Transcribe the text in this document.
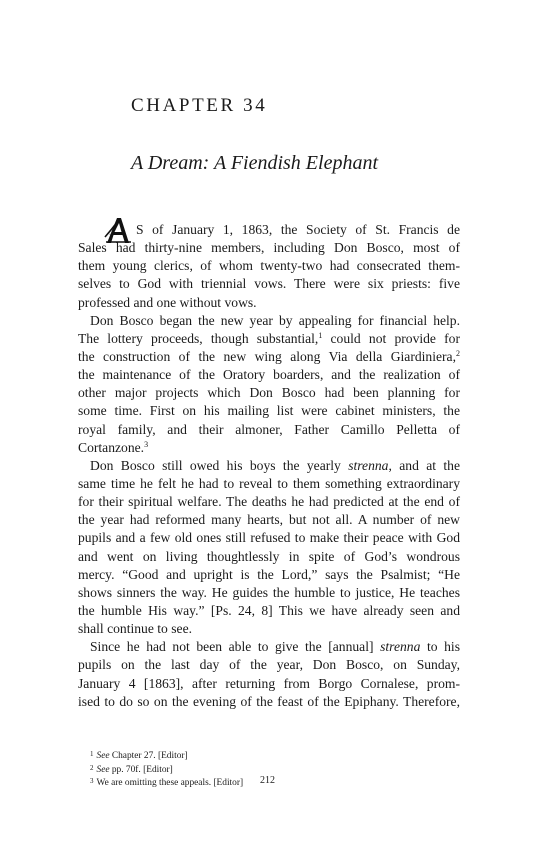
CHAPTER 34
A Dream: A Fiendish Elephant
A	S of January 1, 1863, the Society of St. Francis de
Sales had thirty-nine members, including Don Bosco, most of
them young clerics, of whom twenty-two had consecrated them-
selves to God with triennial vows. There were six priests: five
professed and one without vows.
Don Bosco began the new year by appealing for financial help.
The lottery proceeds, though substantial,$^1$ could not provide for
the construction of the new wing along Via della Giardiniera,$^2$
the maintenance of the Oratory boarders, and the realization of
other major projects which Don Bosco had been planning for
some time. First on his mailing list were cabinet ministers, the
royal family, and their almoner, Father Camillo Pelletta of
Cortanzone.$^3$
Don Bosco still owed his boys the yearly strenna, and at the
same time he felt he had to reveal to them something extraordinary
for their spiritual welfare. The deaths he had predicted at the end of
the year had reformed many hearts, but not all. A number of new
pupils and a few old ones still refused to make their peace with God
and went on living thoughtlessly in spite of God’s wondrous
mercy. “Good and upright is the Lord,” says the Psalmist; “He
shows sinners the way. He guides the humble to justice, He teaches
the humble His way.” [Ps. 24, 8] This we have already seen and
shall continue to see.
Since he had not been able to give the [annual] strenna to his
pupils on the last day of the year, Don Bosco, on Sunday,
January 4 [1863], after returning from Borgo Cornalese, prom-
ised to do so on the evening of the feast of the Epiphany. Therefore,
$^1$ See Chapter 27. [Editor]
$^2$ See pp. 70f. [Editor]
$^3$ We are omitting these appeals. [Editor] 212
